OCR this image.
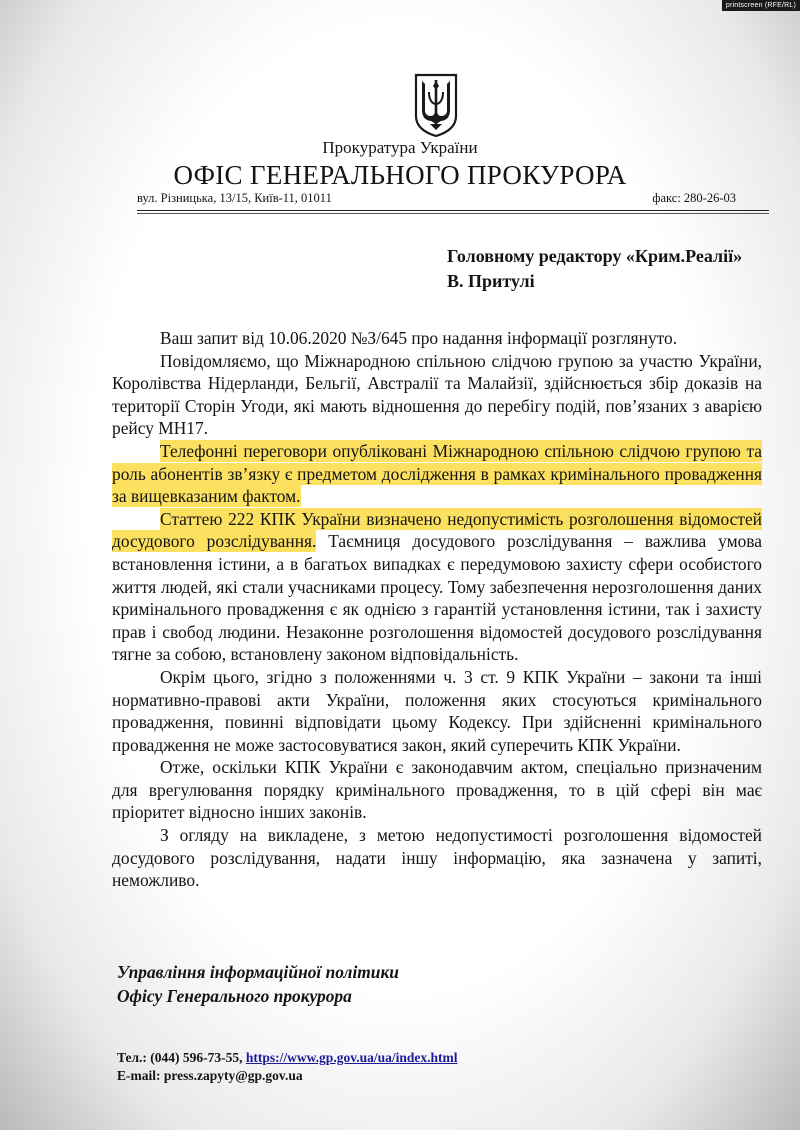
printscreen (RFE/RL)
Прокуратура України
ОФІС ГЕНЕРАЛЬНОГО ПРОКУРОРА
вул. Різницька, 13/15, Київ-11, 01011	факс: 280-26-03
Головному редактору «Крим.Реалії»
В. Притулі

Ваш запит від 10.06.2020 №З/645 про надання інформації розглянуто.

Повідомляємо, що Міжнародною спільною слідчою групою за участю України, Королівства Нідерланди, Бельгії, Австралії та Малайзії, здійснюється збір доказів на території Сторін Угоди, які мають відношення до перебігу подій, пов’язаних з аварією рейсу МН17.

Телефонні переговори опубліковані Міжнародною спільною слідчою групою та роль абонентів зв’язку є предметом дослідження в рамках кримінального провадження за вищевказаним фактом.

Статтею 222 КПК України визначено недопустимість розголошення відомостей досудового розслідування. Таємниця досудового розслідування – важлива умова встановлення істини, а в багатьох випадках є передумовою захисту сфери особистого життя людей, які стали учасниками процесу. Тому забезпечення нерозголошення даних кримінального провадження є як однією з гарантій установлення істини, так і захисту прав і свобод людини. Незаконне розголошення відомостей досудового розслідування тягне за собою, встановлену законом відповідальність.

Окрім цього, згідно з положеннями ч. 3 ст. 9 КПК України – закони та інші нормативно-правові акти України, положення яких стосуються кримінального провадження, повинні відповідати цьому Кодексу. При здійсненні кримінального провадження не може застосовуватися закон, який суперечить КПК України.

Отже, оскільки КПК України є законодавчим актом, спеціально призначеним для врегулювання порядку кримінального провадження, то в цій сфері він має пріоритет відносно інших законів.

З огляду на викладене, з метою недопустимості розголошення відомостей досудового розслідування, надати іншу інформацію, яка зазначена у запиті, неможливо.

Управління інформаційної політики
Офісу Генерального прокурора
Тел.: (044) 596-73-55, https://www.gp.gov.ua/ua/index.html
E-mail: press.zapyty@gp.gov.ua
